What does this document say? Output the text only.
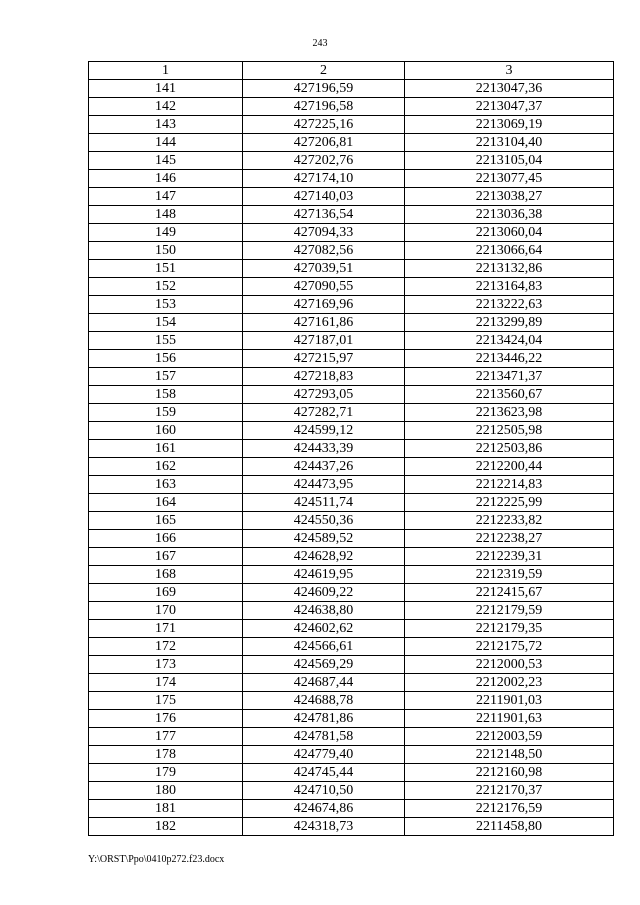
243
1	2	3
141	427196,59	2213047,36
142	427196,58	2213047,37
143	427225,16	2213069,19
144	427206,81	2213104,40
145	427202,76	2213105,04
146	427174,10	2213077,45
147	427140,03	2213038,27
148	427136,54	2213036,38
149	427094,33	2213060,04
150	427082,56	2213066,64
151	427039,51	2213132,86
152	427090,55	2213164,83
153	427169,96	2213222,63
154	427161,86	2213299,89
155	427187,01	2213424,04
156	427215,97	2213446,22
157	427218,83	2213471,37
158	427293,05	2213560,67
159	427282,71	2213623,98
160	424599,12	2212505,98
161	424433,39	2212503,86
162	424437,26	2212200,44
163	424473,95	2212214,83
164	424511,74	2212225,99
165	424550,36	2212233,82
166	424589,52	2212238,27
167	424628,92	2212239,31
168	424619,95	2212319,59
169	424609,22	2212415,67
170	424638,80	2212179,59
171	424602,62	2212179,35
172	424566,61	2212175,72
173	424569,29	2212000,53
174	424687,44	2212002,23
175	424688,78	2211901,03
176	424781,86	2211901,63
177	424781,58	2212003,59
178	424779,40	2212148,50
179	424745,44	2212160,98
180	424710,50	2212170,37
181	424674,86	2212176,59
182	424318,73	2211458,80
Y:\ORST\Ppo\0410p272.f23.docx
